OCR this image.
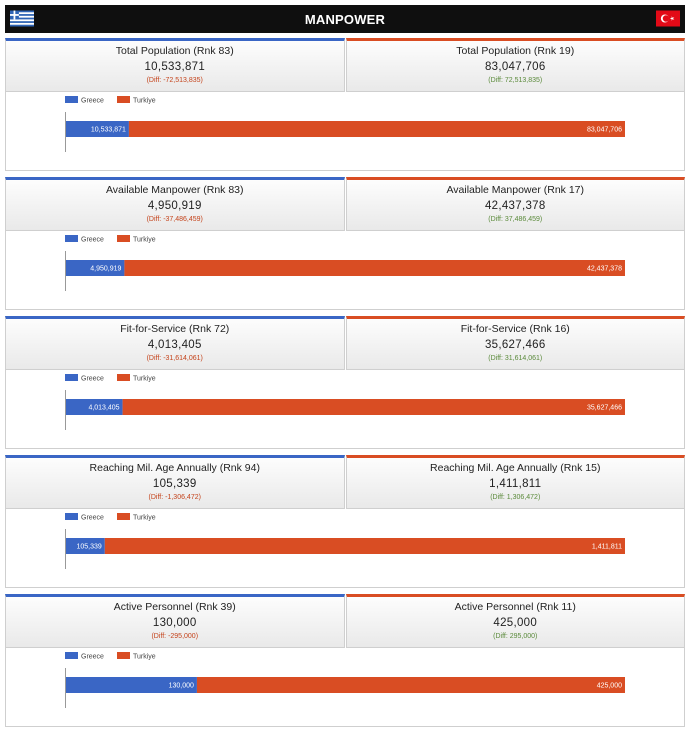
MANPOWER
Total Population (Rnk 83)
10,533,871
(Diff: -72,513,835)
Total Population (Rnk 19)
83,047,706
(Diff: 72,513,835)
Greece	Turkiye
10,533,871	83,047,706
Available Manpower (Rnk 83)
4,950,919
(Diff: -37,486,459)
Available Manpower (Rnk 17)
42,437,378
(Diff: 37,486,459)
Greece	Turkiye
4,950,919	42,437,378
Fit-for-Service (Rnk 72)
4,013,405
(Diff: -31,614,061)
Fit-for-Service (Rnk 16)
35,627,466
(Diff: 31,614,061)
Greece	Turkiye
4,013,405	35,627,466
Reaching Mil. Age Annually (Rnk 94)
105,339
(Diff: -1,306,472)
Reaching Mil. Age Annually (Rnk 15)
1,411,811
(Diff: 1,306,472)
Greece	Turkiye
105,339	1,411,811
Active Personnel (Rnk 39)
130,000
(Diff: -295,000)
Active Personnel (Rnk 11)
425,000
(Diff: 295,000)
Greece	Turkiye
130,000	425,000
